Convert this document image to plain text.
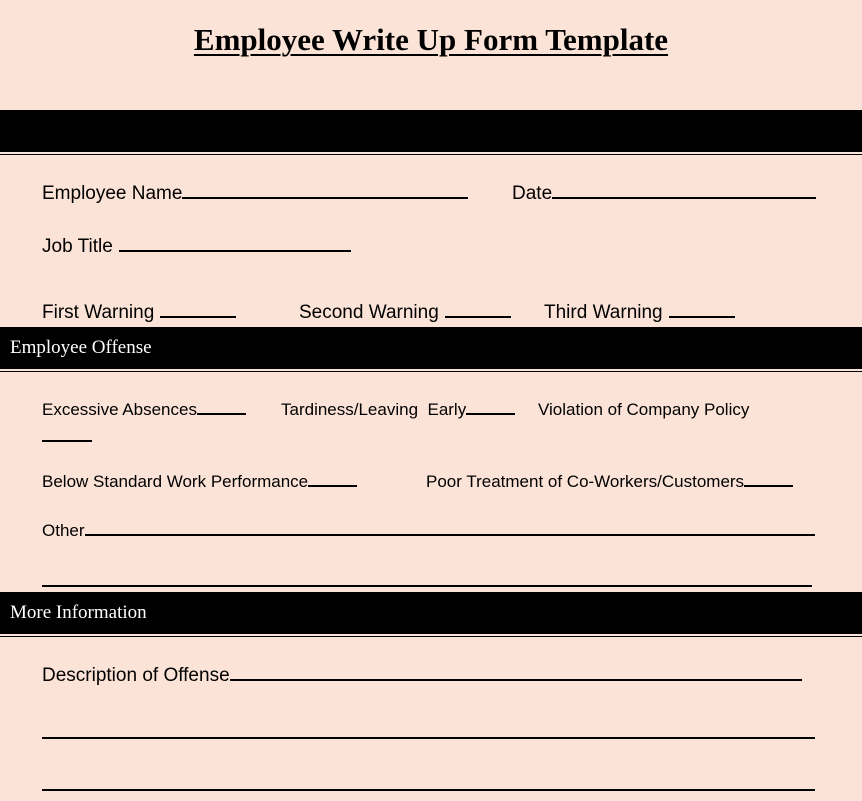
Employee Write Up Form Template
Employee Name	Date
Job Title
First Warning	Second Warning	Third Warning
Employee Offense
Excessive Absences	Tardiness/Leaving  Early	Violation of Company Policy
Below Standard Work Performance	Poor Treatment of Co-Workers/Customers
Other
More Information
Description of Offense
